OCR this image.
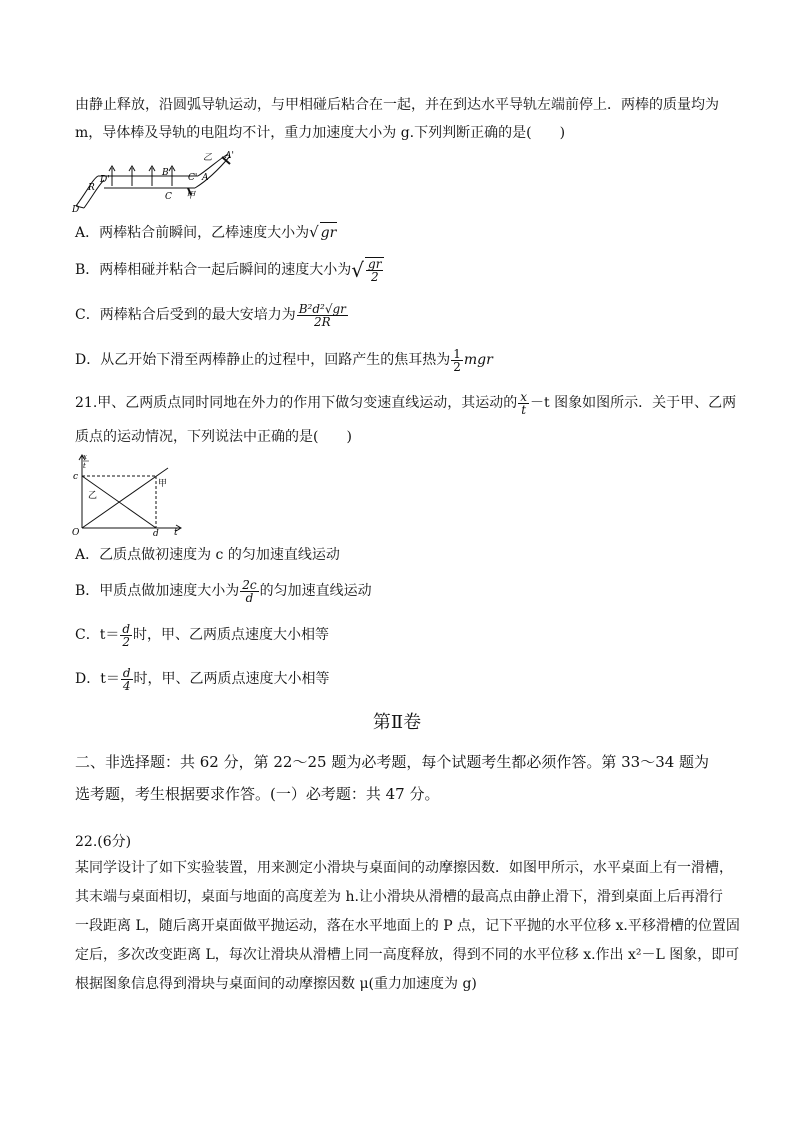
由静止释放，沿圆弧导轨运动，与甲相碰后粘合在一起，并在到达水平导轨左端前停上．两棒的质量均为
m，导体棒及导轨的电阻均不计，重力加速度大小为 g.下列判断正确的是(　　)
乙 A'
D'
B C' A
R
C 甲
D
A．两棒粘合前瞬间，乙棒速度大小为√ gr
B．两棒相碰并粘合一起后瞬间的速度大小为√ $\frac{gr}{2}$
C．两棒粘合后受到的最大安培力为 $\frac{\text{B²d²√gr}}{2R}$
D．从乙开始下滑至两棒静止的过程中，回路产生的焦耳热为 $\frac{1}{2}$ mgr
21.甲、乙两质点同时同地在外力的作用下做匀变速直线运动，其运动的 $\frac{x}{t} -t$ 图象如图所示．关于甲、乙两
质点的运动情况，下列说法中正确的是(　　)
x
t
t
O
c
d
甲
乙
A．乙质点做初速度为 c 的匀加速直线运动
B．甲质点做加速度大小为 $\frac{2c}{d}$ 的匀加速直线运动
C．$t= \frac{d}{2}$ 时，甲、乙两质点速度大小相等
D．$t= \frac{d}{4}$ 时，甲、乙两质点速度大小相等
第Ⅱ卷
二、非选择题：共 62 分，第 22～25 题为必考题，每个试题考生都必须作答。第 33～34 题为
选考题，考生根据要求作答。(一）必考题：共 47 分。
22.(6分)
某同学设计了如下实验装置，用来测定小滑块与桌面间的动摩擦因数．如图甲所示，水平桌面上有一滑槽，
其末端与桌面相切，桌面与地面的高度差为 h.让小滑块从滑槽的最高点由静止滑下，滑到桌面上后再滑行
一段距离 L，随后离开桌面做平抛运动，落在水平地面上的 P 点，记下平抛的水平位移 x.平移滑槽的位置固
定后，多次改变距离 L，每次让滑块从滑槽上同一高度释放，得到不同的水平位移 x.作出 x²－L 图象，即可
根据图象信息得到滑块与桌面间的动摩擦因数 μ(重力加速度为 g)
